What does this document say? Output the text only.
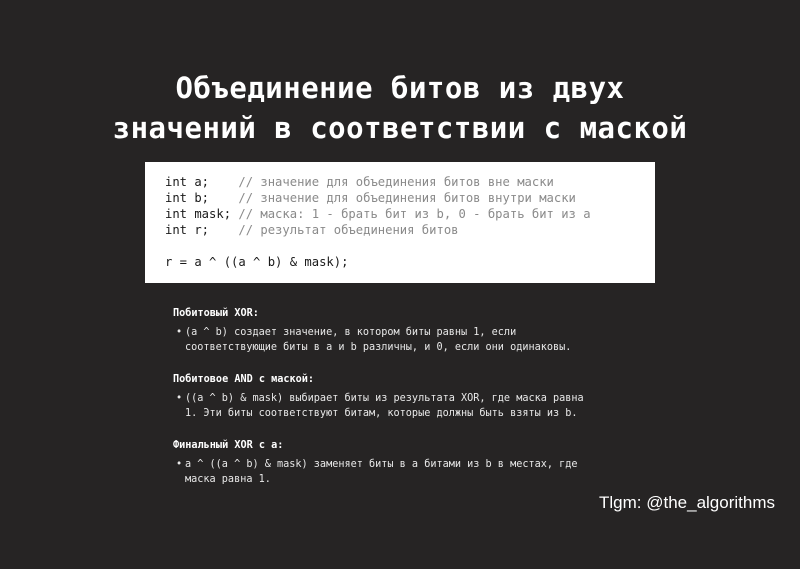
Объединение битов из двух
значений в соответствии с маской
int a;    // значение для объединения битов вне маски
int b;    // значение для объединения битов внутри маски
int mask; // маска: 1 - брать бит из b, 0 - брать бит из a
int r;    // результат объединения битов
r = a ^ ((a ^ b) & mask);
Побитовый XOR:
• (a ^ b) создает значение, в котором биты равны 1, если
соответствующие биты в a и b различны, и 0, если они одинаковы.
Побитовое AND с маской:
• ((a ^ b) & mask) выбирает биты из результата XOR, где маска равна
1. Эти биты соответствуют битам, которые должны быть взяты из b.
Финальный XOR с a:
• a ^ ((a ^ b) & mask) заменяет биты в a битами из b в местах, где
маска равна 1.
Tlgm: @the_algorithms
